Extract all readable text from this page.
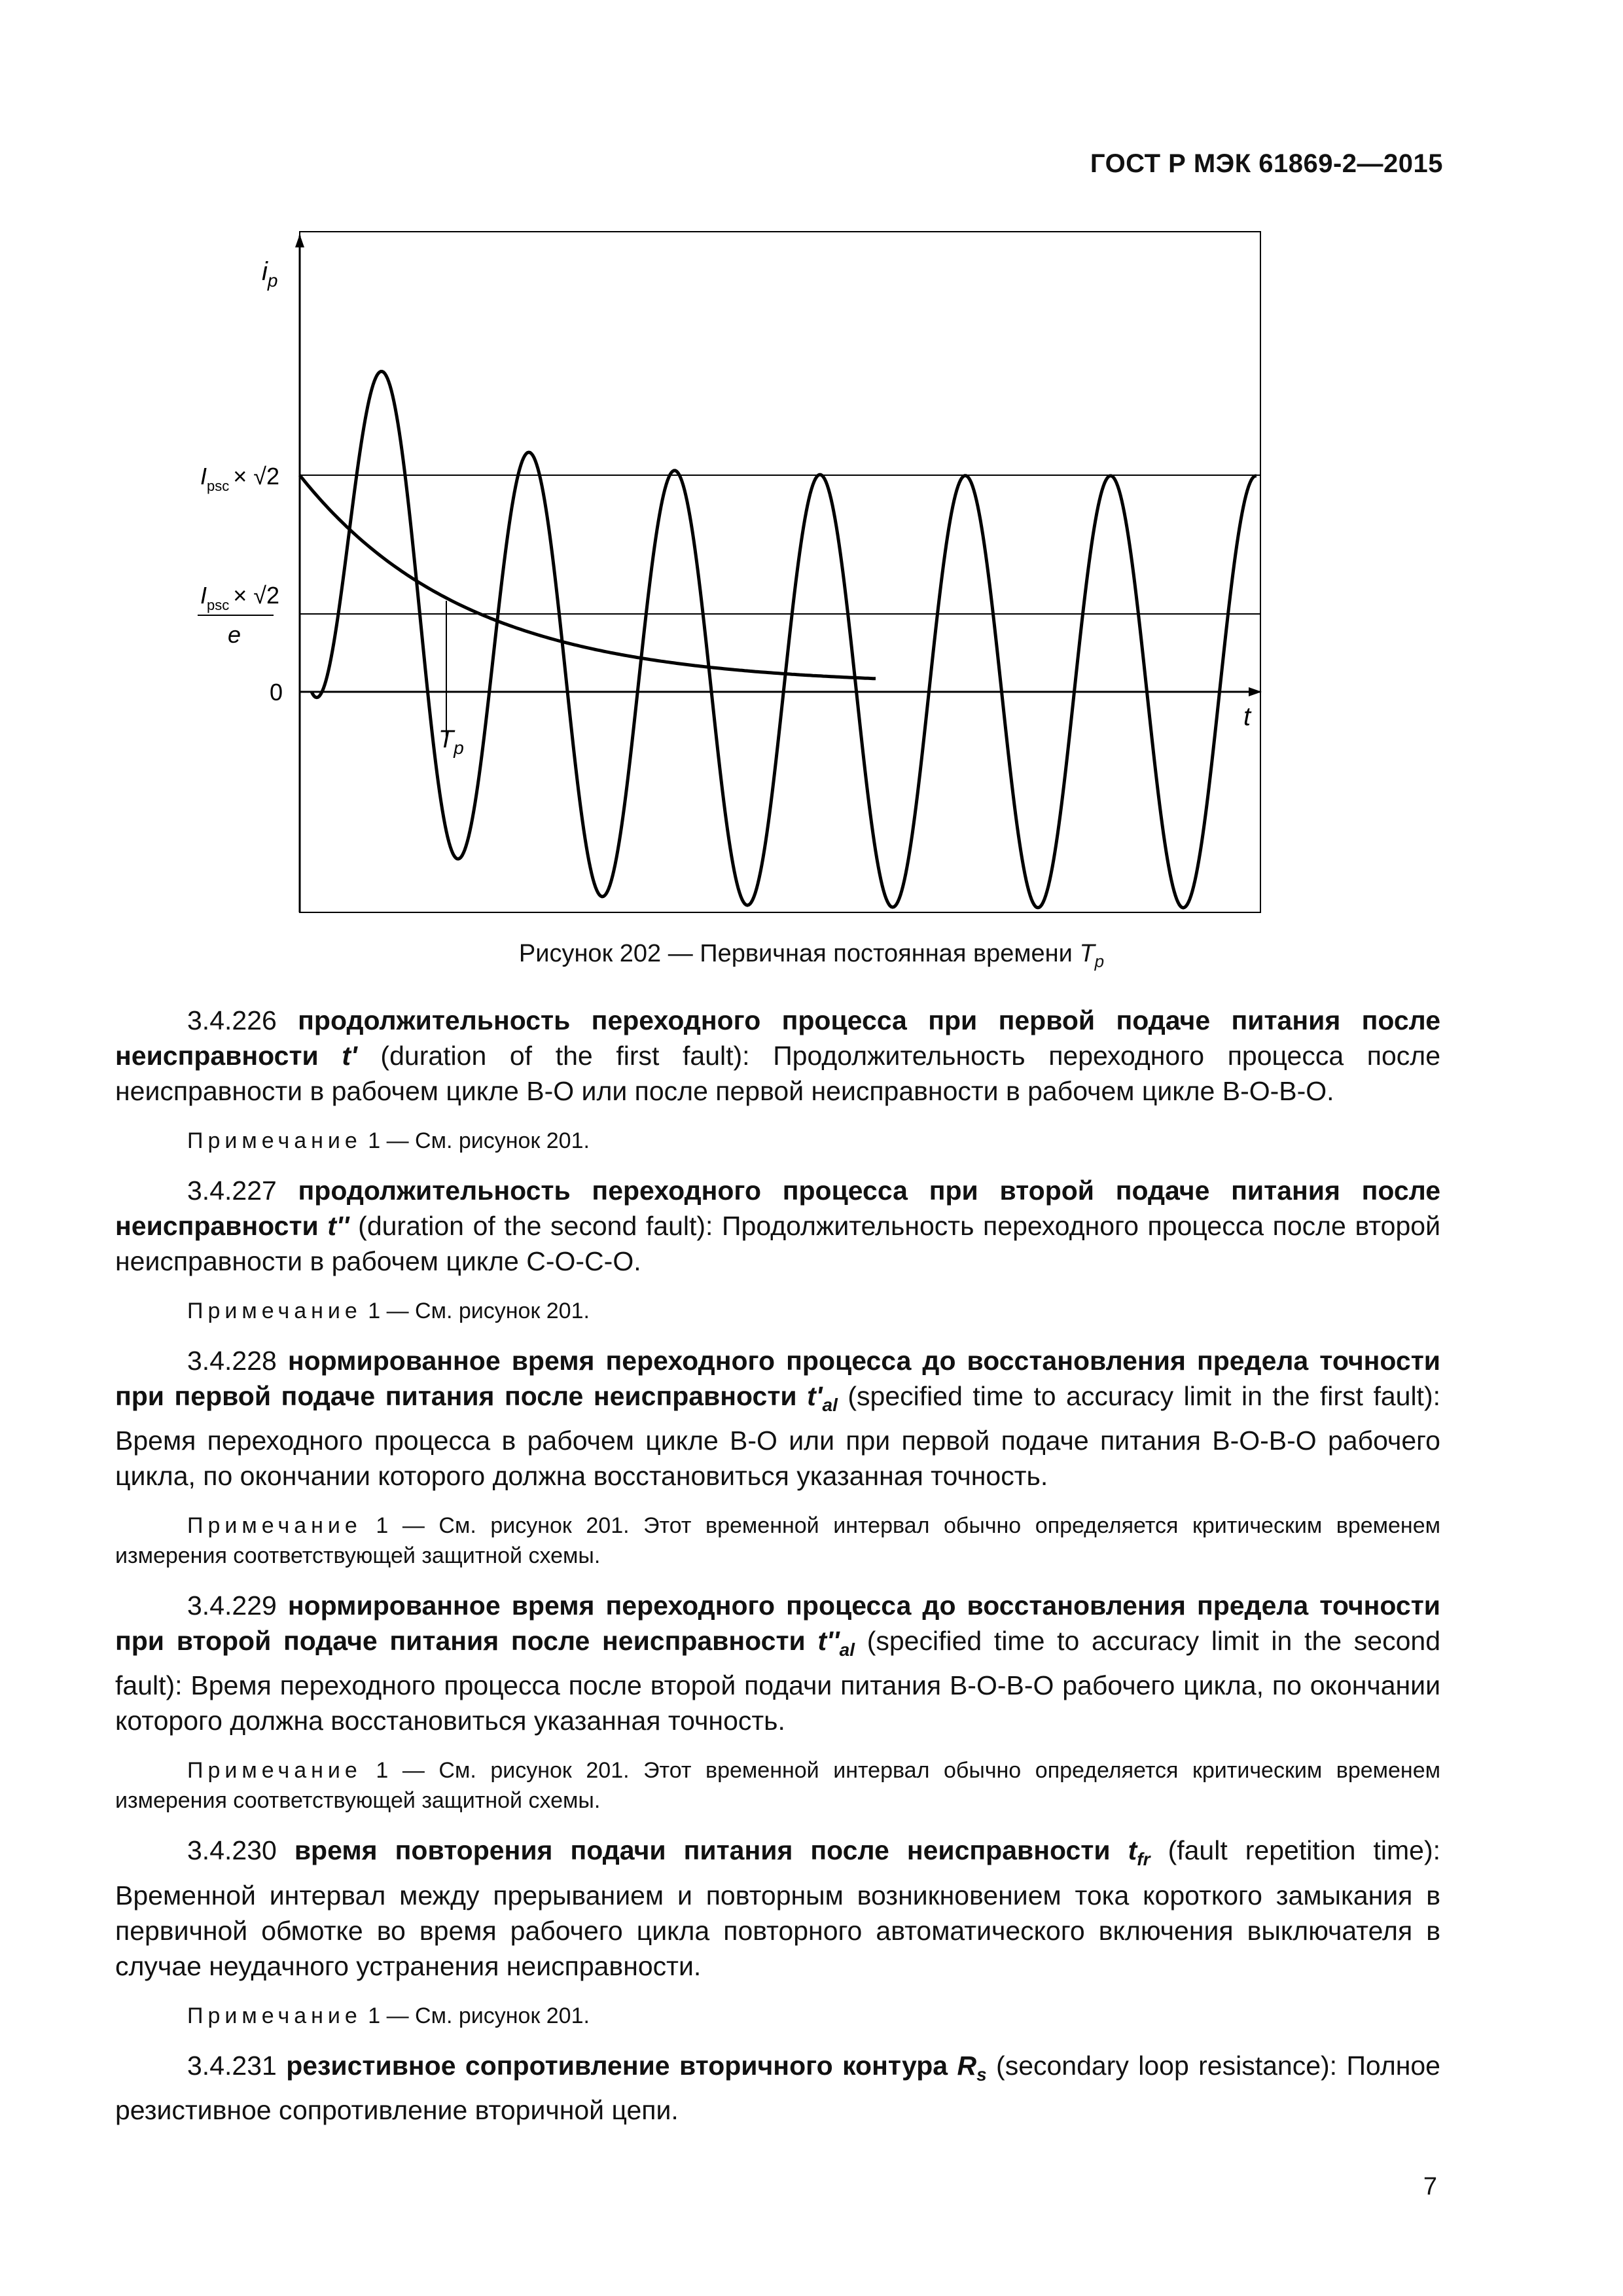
ГОСТ Р МЭК 61869-2—2015
$i_p$
$I_{psc} \times √2$
$I_{psc} \times √2$
e
0
t
$T_p$
Рисунок 202 — Первичная постоянная времени $T_p$

3.4.226 продолжительность переходного процесса при первой подаче питания после неисправности t' (duration of the first fault): Продолжительность переходного процесса после неисправности в рабочем цикле В-О или после первой неисправности в рабочем цикле В-О-В-О.

Примечание 1 — См. рисунок 201.

3.4.227 продолжительность переходного процесса при второй подаче питания после неисправности t'' (duration of the second fault): Продолжительность переходного процесса после второй неисправности в рабочем цикле С-О-С-О.

Примечание 1 — См. рисунок 201.

3.4.228 нормированное время переходного процесса до восстановления предела точности при первой подаче питания после неисправности $t'_{al}$ (specified time to accuracy limit in the first fault): Время переходного процесса в рабочем цикле В-О или при первой подаче питания В-О-В-О рабочего цикла, по окончании которого должна восстановиться указанная точность.

Примечание 1 — См. рисунок 201. Этот временной интервал обычно определяется критическим временем измерения соответствующей защитной схемы.

3.4.229 нормированное время переходного процесса до восстановления предела точности при второй подаче питания после неисправности $t''_{al}$ (specified time to accuracy limit in the second fault): Время переходного процесса после второй подачи питания В-О-В-О рабочего цикла, по окончании которого должна восстановиться указанная точность.

Примечание 1 — См. рисунок 201. Этот временной интервал обычно определяется критическим временем измерения соответствующей защитной схемы.

3.4.230 время повторения подачи питания после неисправности $t_{fr}$ (fault repetition time): Временной интервал между прерыванием и повторным возникновением тока короткого замыкания в первичной обмотке во время рабочего цикла повторного автоматического включения выключателя в случае неудачного устранения неисправности.

Примечание 1 — См. рисунок 201.

3.4.231 резистивное сопротивление вторичного контура $R_s$ (secondary loop resistance): Полное резистивное сопротивление вторичной цепи.

7
